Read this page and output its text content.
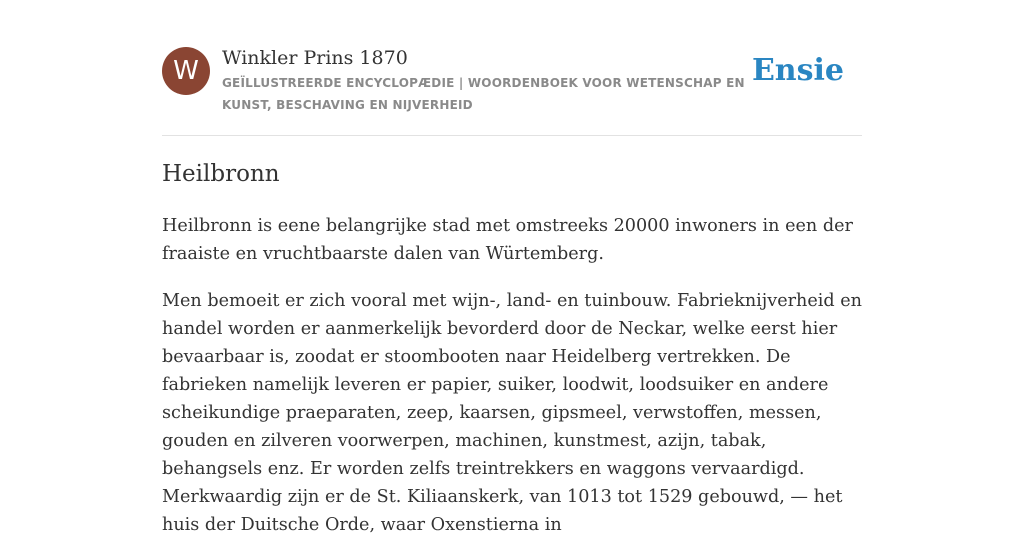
W	Winkler Prins 1870
GEÏLLUSTREERDE ENCYCLOPÆDIE | WOORDENBOEK VOOR WETENSCHAP EN KUNST, BESCHAVING EN NIJVERHEID
Ensie
Heilbronn

Heilbronn is eene belangrijke stad met omstreeks 20000 inwoners in een der fraaiste en vruchtbaarste dalen van Würtemberg.

Men bemoeit er zich vooral met wijn-, land- en tuinbouw. Fabrieknijverheid en handel worden er aanmerkelijk bevorderd door de Neckar, welke eerst hier bevaarbaar is, zoodat er stoombooten naar Heidelberg vertrekken. De fabrieken namelijk leveren er papier, suiker, loodwit, loodsuiker en andere scheikundige praeparaten, zeep, kaarsen, gipsmeel, verwstoffen, messen, gouden en zilveren voorwerpen, machinen, kunstmest, azijn, tabak, behangsels enz. Er worden zelfs treintrekkers en waggons vervaardigd. Merkwaardig zijn er de St. Kiliaanskerk, van 1013 tot 1529 gebouwd, — het huis der Duitsche Orde, waar Oxenstierna in
